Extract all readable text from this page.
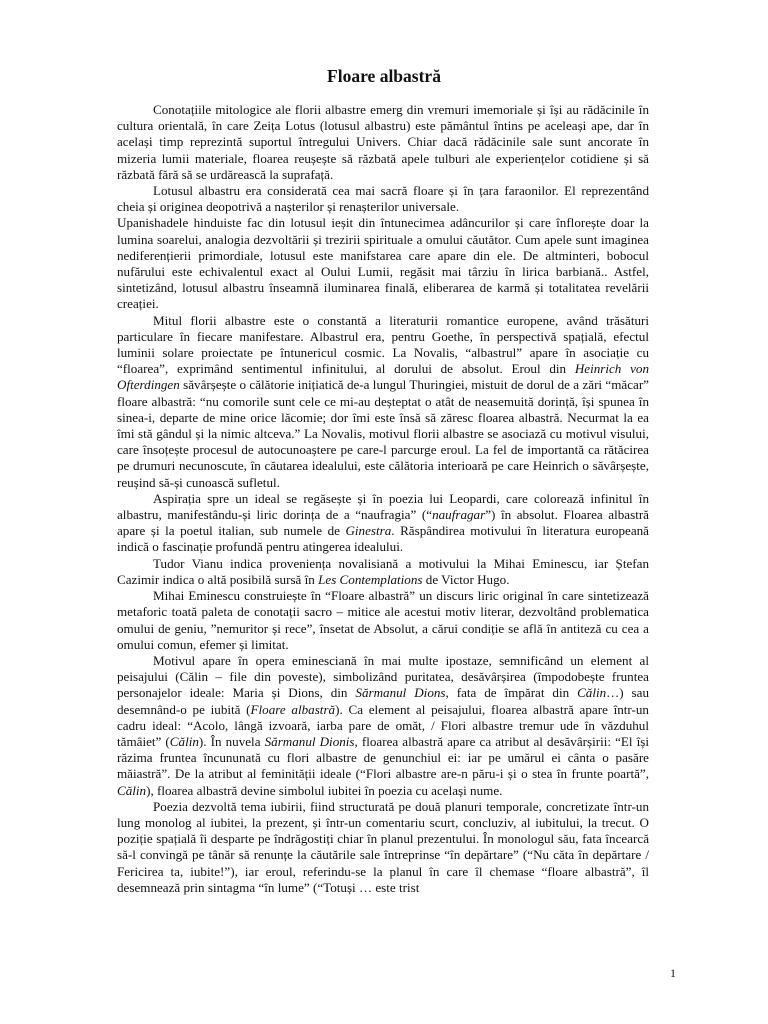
Floare albastră

Conotațiile mitologice ale florii albastre emerg din vremuri imemoriale și își au rădăcinile în cultura orientală, în care Zeița Lotus (lotusul albastru) este pământul întins pe aceleași ape, dar în același timp reprezintă suportul întregului Univers. Chiar dacă rădăcinile sale sunt ancorate în mizeria lumii materiale, floarea reușește să răzbată apele tulburi ale experiențelor cotidiene și să răzbată fără să se urdărească la suprafață.

Lotusul albastru era considerată cea mai sacră floare și în țara faraonilor. El reprezentând cheia și originea deopotrivă a nașterilor și renașterilor universale.

Upanishadele hinduiste fac din lotusul ieșit din întunecimea adâncurilor și care înflorește doar la lumina soarelui, analogia dezvoltării și trezirii spirituale a omului căutător. Cum apele sunt imaginea nediferențierii primordiale, lotusul este manifstarea care apare din ele. De altminteri, bobocul nufărului este echivalentul exact al Oului Lumii, regăsit mai târziu în lirica barbiană.. Astfel, sintetizând, lotusul albastru înseamnă iluminarea finală, eliberarea de karmă și totalitatea revelării creației.

Mitul florii albastre este o constantă a literaturii romantice europene, având trăsături particulare în fiecare manifestare. Albastrul era, pentru Goethe, în perspectivă spațială, efectul luminii solare proiectate pe întunericul cosmic. La Novalis, “albastrul” apare în asociație cu “floarea”, exprimând sentimentul infinitului, al dorului de absolut. Eroul din Heinrich von Ofterdingen săvârșește o călătorie inițiatică de-a lungul Thuringiei, mistuit de dorul de a zări “măcar” floare albastră: “nu comorile sunt cele ce mi-au deșteptat o atât de neasemuită dorință, își spunea în sinea-i, departe de mine orice lăcomie; dor îmi este însă să zăresc floarea albastră. Necurmat la ea îmi stă gândul și la nimic altceva.” La Novalis, motivul florii albastre se asociază cu motivul visului, care însoțește procesul de autocunoaștere pe care-l parcurge eroul. La fel de importantă ca rătăcirea pe drumuri necunoscute, în căutarea idealului, este călătoria interioară pe care Heinrich o săvârșește, reușind să-și cunoască sufletul.

Aspirația spre un ideal se regăsește și în poezia lui Leopardi, care colorează infinitul în albastru, manifestându-și liric dorința de a “naufragia” (“naufragar”) în absolut. Floarea albastră apare și la poetul italian, sub numele de Ginestra. Răspândirea motivului în literatura europeană indică o fascinație profundă pentru atingerea idealului.

Tudor Vianu indica proveniența novalisiană a motivului la Mihai Eminescu, iar Ștefan Cazimir indica o altă posibilă sursă în Les Contemplations de Victor Hugo.

Mihai Eminescu construiește în “Floare albastră” un discurs liric original în care sintetizează metaforic toată paleta de conotații sacro – mitice ale acestui motiv literar, dezvoltând problematica omului de geniu, ”nemuritor și rece”, însetat de Absolut, a cărui condiție se află în antiteză cu cea a omului comun, efemer și limitat.

Motivul apare în opera eminesciană în mai multe ipostaze, semnificând un element al peisajului (Călin – file din poveste), simbolizând puritatea, desăvârșirea (împodobește fruntea personajelor ideale: Maria și Dions, din Sărmanul Dions, fata de împărat din Călin…) sau desemnând-o pe iubită (Floare albastră). Ca element al peisajului, floarea albastră apare într-un cadru ideal: “Acolo, lângă izvoară, iarba pare de omăt, / Flori albastre tremur ude în văzduhul tămâiet” (Călin). În nuvela Sărmanul Dionis, floarea albastră apare ca atribut al desăvârșirii: “El își răzima fruntea încununată cu flori albastre de genunchiul ei: iar pe umărul ei cânta o pasăre măiastră”. De la atribut al feminității ideale (“Flori albastre are-n păru-i și o stea în frunte poartă”, Călin), floarea albastră devine simbolul iubitei în poezia cu același nume.

Poezia dezvoltă tema iubirii, fiind structurată pe două planuri temporale, concretizate într-un lung monolog al iubitei, la prezent, și într-un comentariu scurt, concluziv, al iubitului, la trecut. O poziție spațială îi desparte pe îndrăgostiți chiar în planul prezentului. În monologul său, fata încearcă să-l convingă pe tânăr să renunțe la căutările sale întreprinse “în depărtare” (“Nu căta în depărtare / Fericirea ta, iubite!”), iar eroul, referindu-se la planul în care îl chemase “floare albastră”, îl desemnează prin sintagma “în lume” (“Totuși … este trist

1
